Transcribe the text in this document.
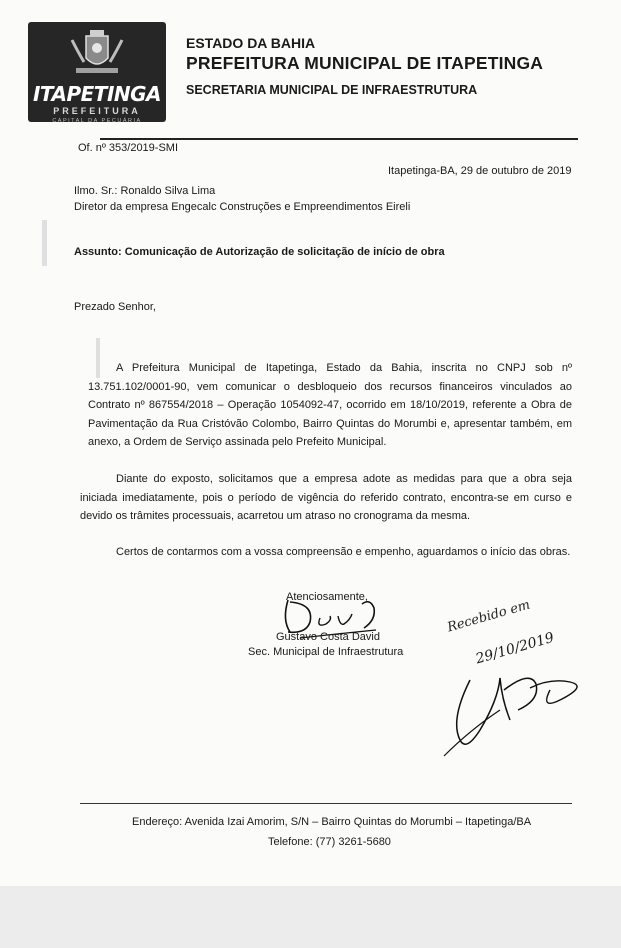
ITAPETINGA
PREFEITURA
CAPITAL DA PECUÁRIA
ESTADO DA BAHIA
PREFEITURA MUNICIPAL DE ITAPETINGA
SECRETARIA MUNICIPAL DE INFRAESTRUTURA
Of. nº 353/2019-SMI
Itapetinga-BA, 29 de outubro de 2019
Ilmo. Sr.: Ronaldo Silva Lima
Diretor da empresa Engecalc Construções e Empreendimentos Eireli
Assunto: Comunicação de Autorização de solicitação de início de obra
Prezado Senhor,
A Prefeitura Municipal de Itapetinga, Estado da Bahia, inscrita no CNPJ sob nº 13.751.102/0001-90, vem comunicar o desbloqueio dos recursos financeiros vinculados ao Contrato nº 867554/2018 – Operação 1054092-47, ocorrido em 18/10/2019, referente a Obra de Pavimentação da Rua Cristóvão Colombo, Bairro Quintas do Morumbi e, apresentar também, em anexo, a Ordem de Serviço assinada pelo Prefeito Municipal.
Diante do exposto, solicitamos que a empresa adote as medidas para que a obra seja iniciada imediatamente, pois o período de vigência do referido contrato, encontra-se em curso e devido os trâmites processuais, acarretou um atraso no cronograma da mesma.
Certos de contarmos com a vossa compreensão e empenho, aguardamos o início das obras.
Atenciosamente,
Gustavo Costa David
Sec. Municipal de Infraestrutura
Recebido em
29/10/2019
Endereço: Avenida Izai Amorim, S/N – Bairro Quintas do Morumbi – Itapetinga/BA
Telefone: (77) 3261-5680
